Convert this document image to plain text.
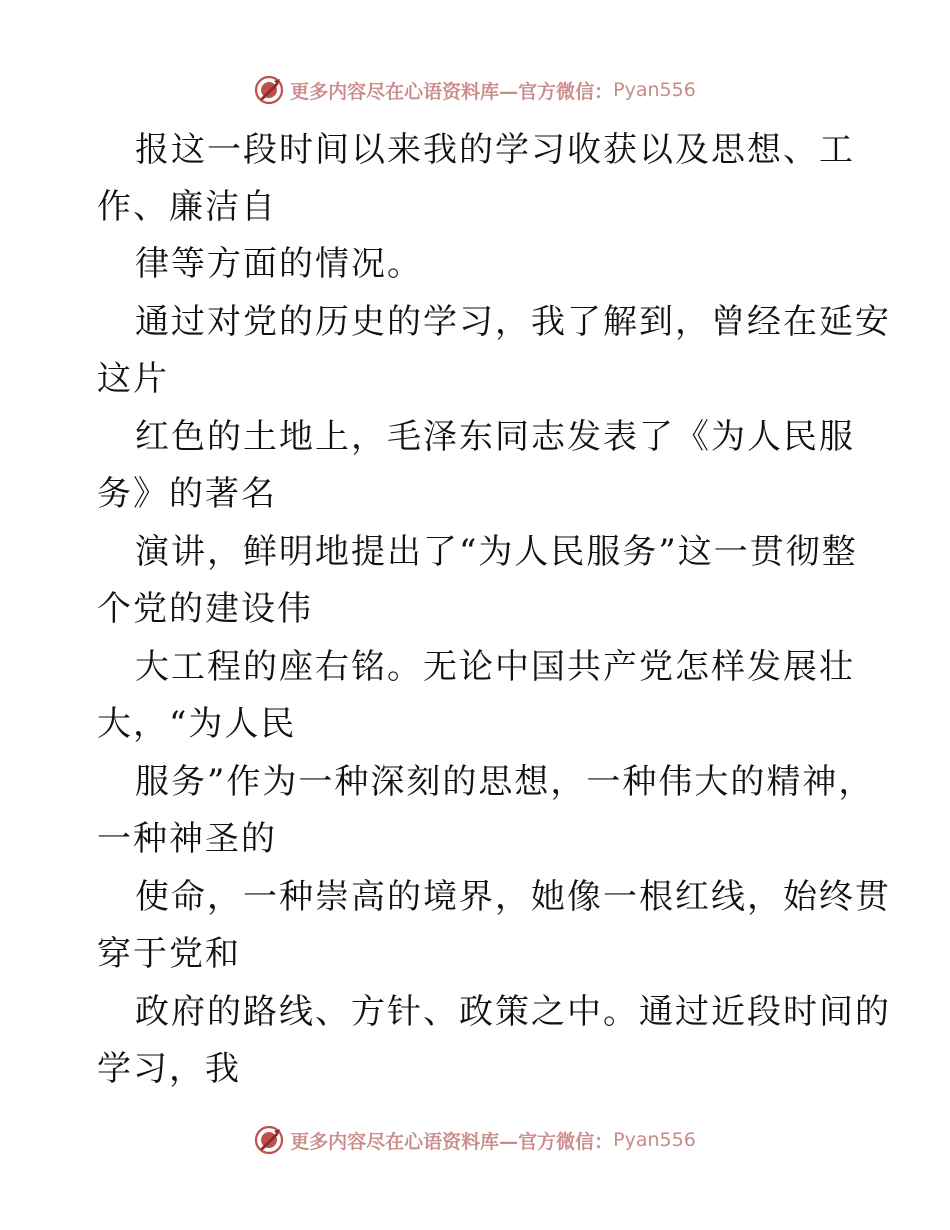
更多内容尽在心语资料库—官方微信： Pyan556
报这一段时间以来我的学习收获以及思想、工
作、廉洁自
律等方面的情况。
通过对党的历史的学习，我了解到，曾经在延安
这片
红色的土地上，毛泽东同志发表了《为人民服
务》的著名
演讲，鲜明地提出了“为人民服务”这一贯彻整
个党的建设伟
大工程的座右铭。无论中国共产党怎样发展壮
大，“为人民
服务”作为一种深刻的思想，一种伟大的精神，
一种神圣的
使命，一种崇高的境界，她像一根红线，始终贯
穿于党和
政府的路线、方针、政策之中。通过近段时间的
学习，我
更多内容尽在心语资料库—官方微信： Pyan556
